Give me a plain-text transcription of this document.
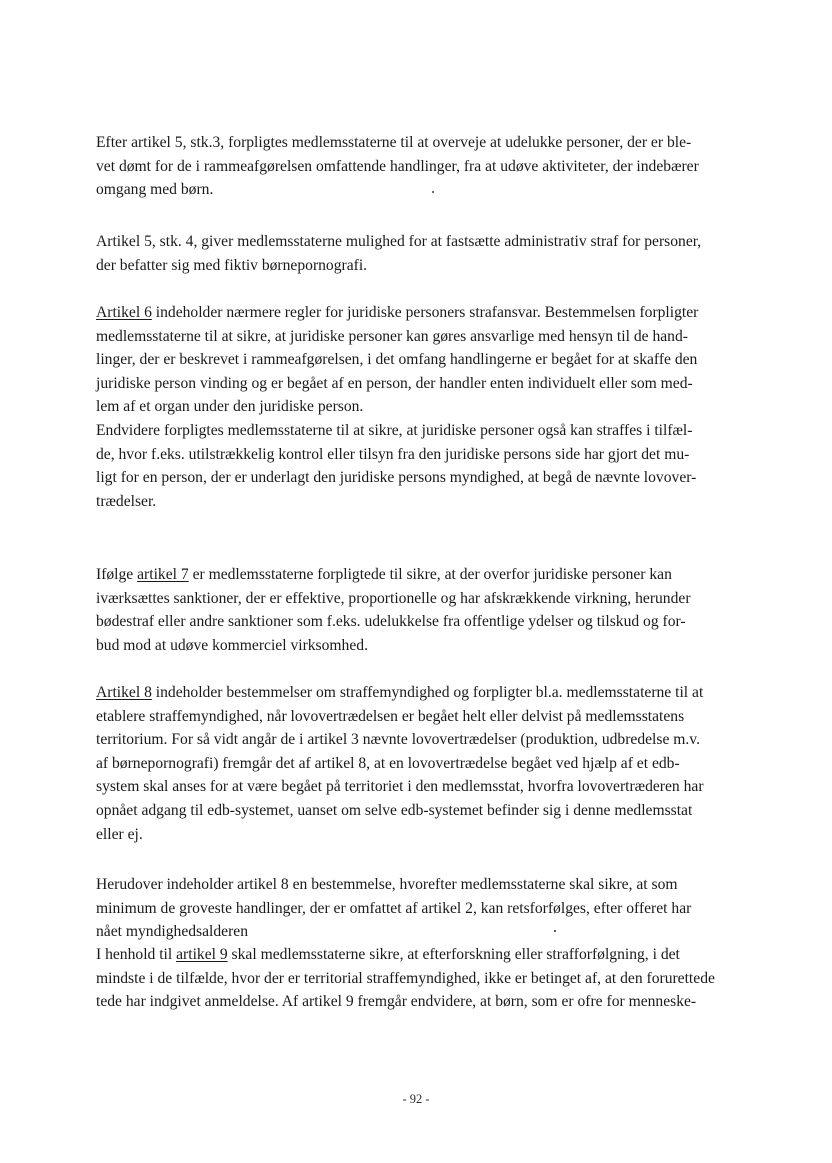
Efter artikel 5, stk.3, forpligtes medlemsstaterne til at overveje at udelukke personer, der er ble-
vet dømt for de i rammeafgørelsen omfattende handlinger, fra at udøve aktiviteter, der indebærer
omgang med børn.

Artikel 5, stk. 4, giver medlemsstaterne mulighed for at fastsætte administrativ straf for personer,
der befatter sig med fiktiv børnepornografi.

Artikel 6 indeholder nærmere regler for juridiske personers strafansvar. Bestemmelsen forpligter
medlemsstaterne til at sikre, at juridiske personer kan gøres ansvarlige med hensyn til de hand-
linger, der er beskrevet i rammeafgørelsen, i det omfang handlingerne er begået for at skaffe den
juridiske person vinding og er begået af en person, der handler enten individuelt eller som med-
lem af et organ under den juridiske person.

Endvidere forpligtes medlemsstaterne til at sikre, at juridiske personer også kan straffes i tilfæl-
de, hvor f.eks. utilstrækkelig kontrol eller tilsyn fra den juridiske persons side har gjort det mu-
ligt for en person, der er underlagt den juridiske persons myndighed, at begå de nævnte lovover-
trædelser.

Ifølge artikel 7 er medlemsstaterne forpligtede til sikre, at der overfor juridiske personer kan
iværksættes sanktioner, der er effektive, proportionelle og har afskrækkende virkning, herunder
bødestraf eller andre sanktioner som f.eks. udelukkelse fra offentlige ydelser og tilskud og for-
bud mod at udøve kommerciel virksomhed.

Artikel 8 indeholder bestemmelser om straffemyndighed og forpligter bl.a. medlemsstaterne til at
etablere straffemyndighed, når lovovertrædelsen er begået helt eller delvist på medlemsstatens
territorium. For så vidt angår de i artikel 3 nævnte lovovertrædelser (produktion, udbredelse m.v.
af børnepornografi) fremgår det af artikel 8, at en lovovertrædelse begået ved hjælp af et edb-
system skal anses for at være begået på territoriet i den medlemsstat, hvorfra lovovertræderen har
opnået adgang til edb-systemet, uanset om selve edb-systemet befinder sig i denne medlemsstat
eller ej.

Herudover indeholder artikel 8 en bestemmelse, hvorefter medlemsstaterne skal sikre, at som
minimum de groveste handlinger, der er omfattet af artikel 2, kan retsforfølges, efter offeret har
nået myndighedsalderen

I henhold til artikel 9 skal medlemsstaterne sikre, at efterforskning eller strafforfølgning, i det
mindste i de tilfælde, hvor der er territorial straffemyndighed, ikke er betinget af, at den forurettede
tede har indgivet anmeldelse. Af artikel 9 fremgår endvidere, at børn, som er ofre for menneske-

- 92 -
